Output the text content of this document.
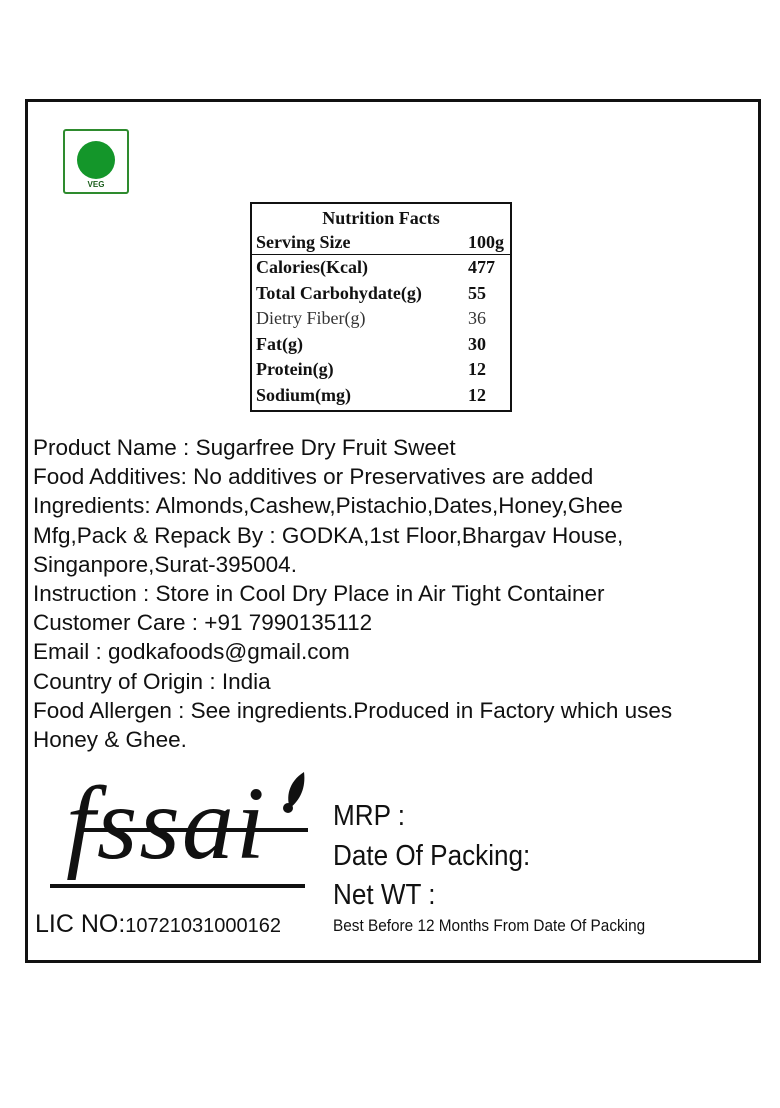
VEG
Nutrition Facts
Serving Size	100g
Calories(Kcal)	477
Total Carbohydate(g)	55
Dietry Fiber(g)	36
Fat(g)	30
Protein(g)	12
Sodium(mg)	12
Product Name : Sugarfree Dry Fruit Sweet
Food Additives: No additives or Preservatives are added
Ingredients: Almonds,Cashew,Pistachio,Dates,Honey,Ghee
Mfg,Pack & Repack By : GODKA,1st Floor,Bhargav House,
Singanpore,Surat-395004.
Instruction : Store in Cool Dry Place in Air Tight Container
Customer Care : +91 7990135112
Email : godkafoods@gmail.com
Country of Origin : India
Food Allergen : See ingredients.Produced in Factory which uses
Honey & Ghee.
fssai
LIC NO:10721031000162
MRP :
Date Of Packing:
Net WT :
Best Before 12 Months From Date Of Packing
